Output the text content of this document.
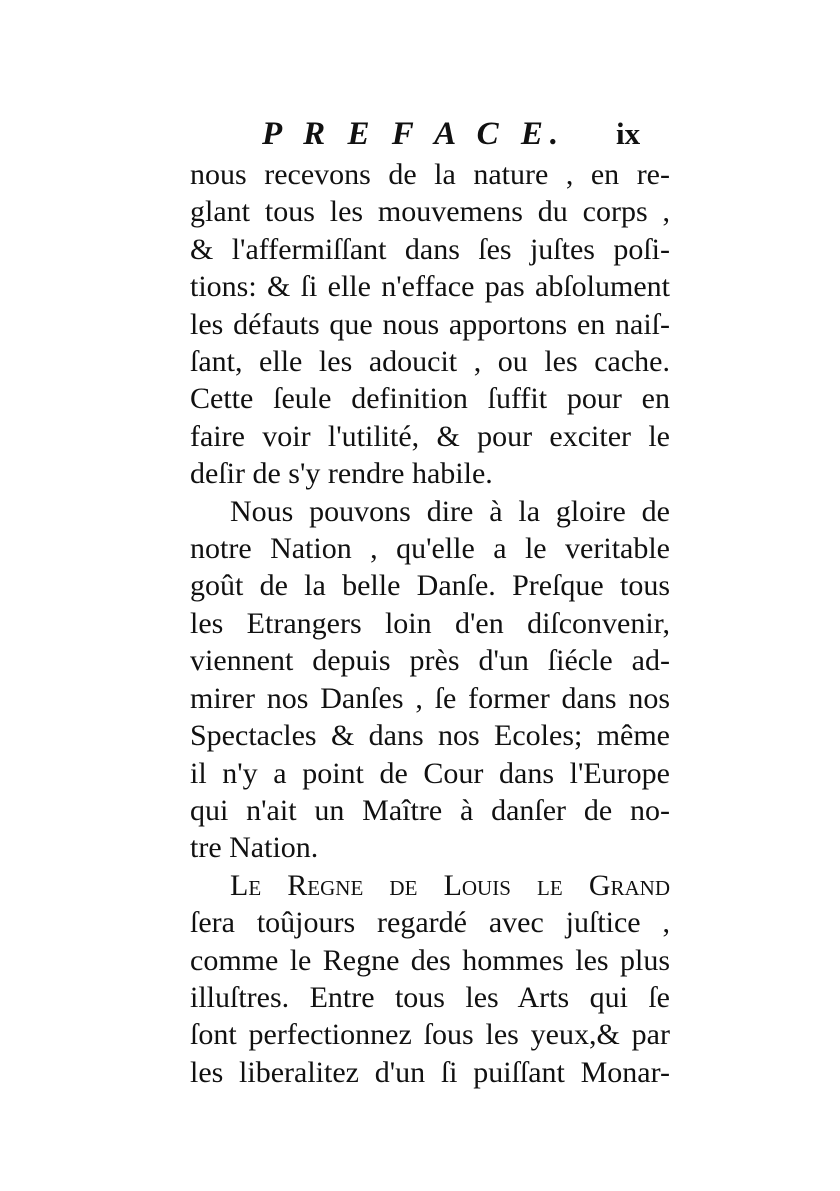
P R E F A C E. ix
nous recevons de la nature , en re-
glant tous les mouvemens du corps ,
& l'affermiſſant dans ſes juſtes poſi-
tions: & ſi elle n'efface pas abſolument
les défauts que nous apportons en naiſ-
ſant, elle les adoucit , ou les cache.
Cette ſeule definition ſuffit pour en
faire voir l'utilité, & pour exciter le
deſir de s'y rendre habile.
Nous pouvons dire à la gloire de
notre Nation , qu'elle a le veritable
goût de la belle Danſe. Preſque tous
les Etrangers loin d'en diſconvenir,
viennent depuis près d'un ſiécle ad-
mirer nos Danſes , ſe former dans nos
Spectacles & dans nos Ecoles; même
il n'y a point de Cour dans l'Europe
qui n'ait un Maître à danſer de no-
tre Nation.
Le Regne de Louis le Grand
ſera toûjours regardé avec juſtice ,
comme le Regne des hommes les plus
illuſtres. Entre tous les Arts qui ſe
ſont perfectionnez ſous les yeux,& par
les liberalitez d'un ſi puiſſant Monar-
